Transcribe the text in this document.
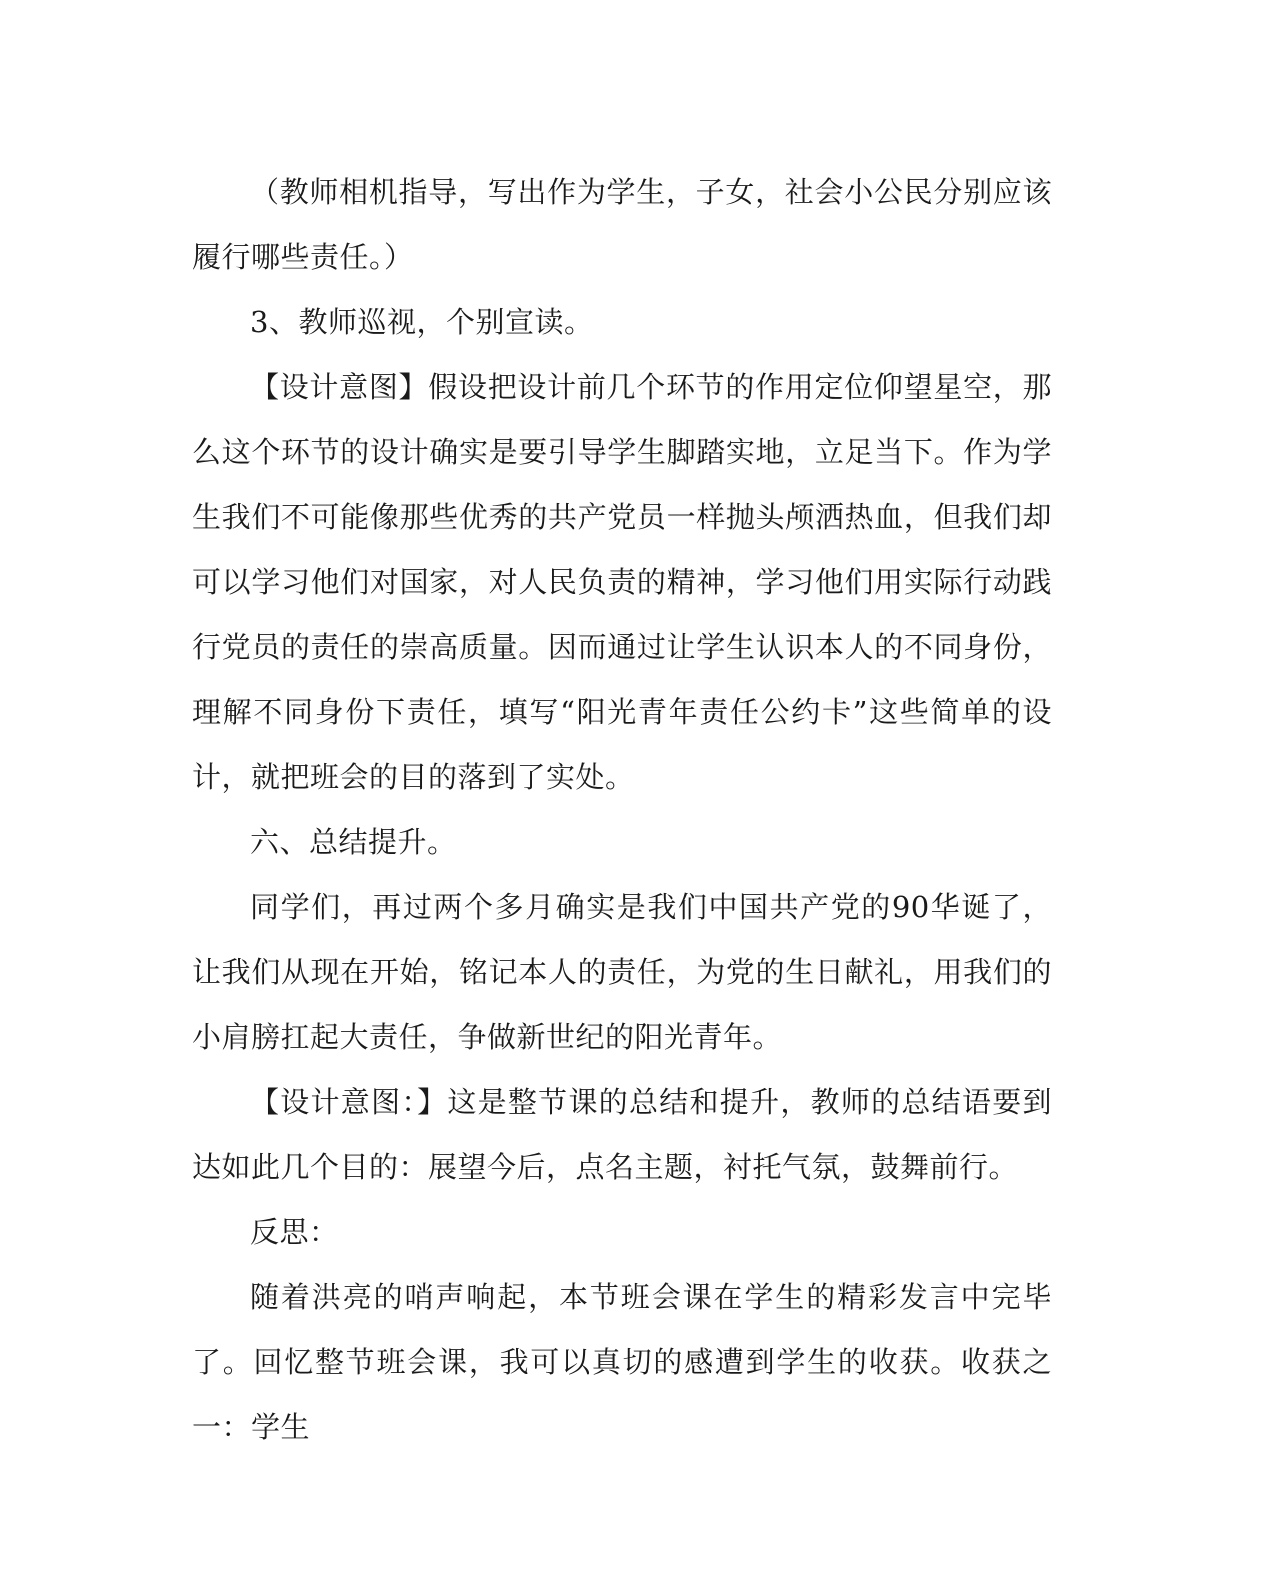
（教师相机指导，写出作为学生，子女，社会小公民分别应该履行哪些责任。）

3、教师巡视，个别宣读。

【设计意图】假设把设计前几个环节的作用定位仰望星空，那么这个环节的设计确实是要引导学生脚踏实地，立足当下。作为学生我们不可能像那些优秀的共产党员一样抛头颅洒热血，但我们却可以学习他们对国家，对人民负责的精神，学习他们用实际行动践行党员的责任的崇高质量。因而通过让学生认识本人的不同身份，理解不同身份下责任，填写“阳光青年责任公约卡”这些简单的设计，就把班会的目的落到了实处。

六、总结提升。

同学们，再过两个多月确实是我们中国共产党的90华诞了，让我们从现在开始，铭记本人的责任，为党的生日献礼，用我们的小肩膀扛起大责任，争做新世纪的阳光青年。

【设计意图：】这是整节课的总结和提升，教师的总结语要到达如此几个目的：展望今后，点名主题，衬托气氛，鼓舞前行。

反思：

随着洪亮的哨声响起，本节班会课在学生的精彩发言中完毕了。回忆整节班会课，我可以真切的感遭到学生的收获。收获之一：学生
